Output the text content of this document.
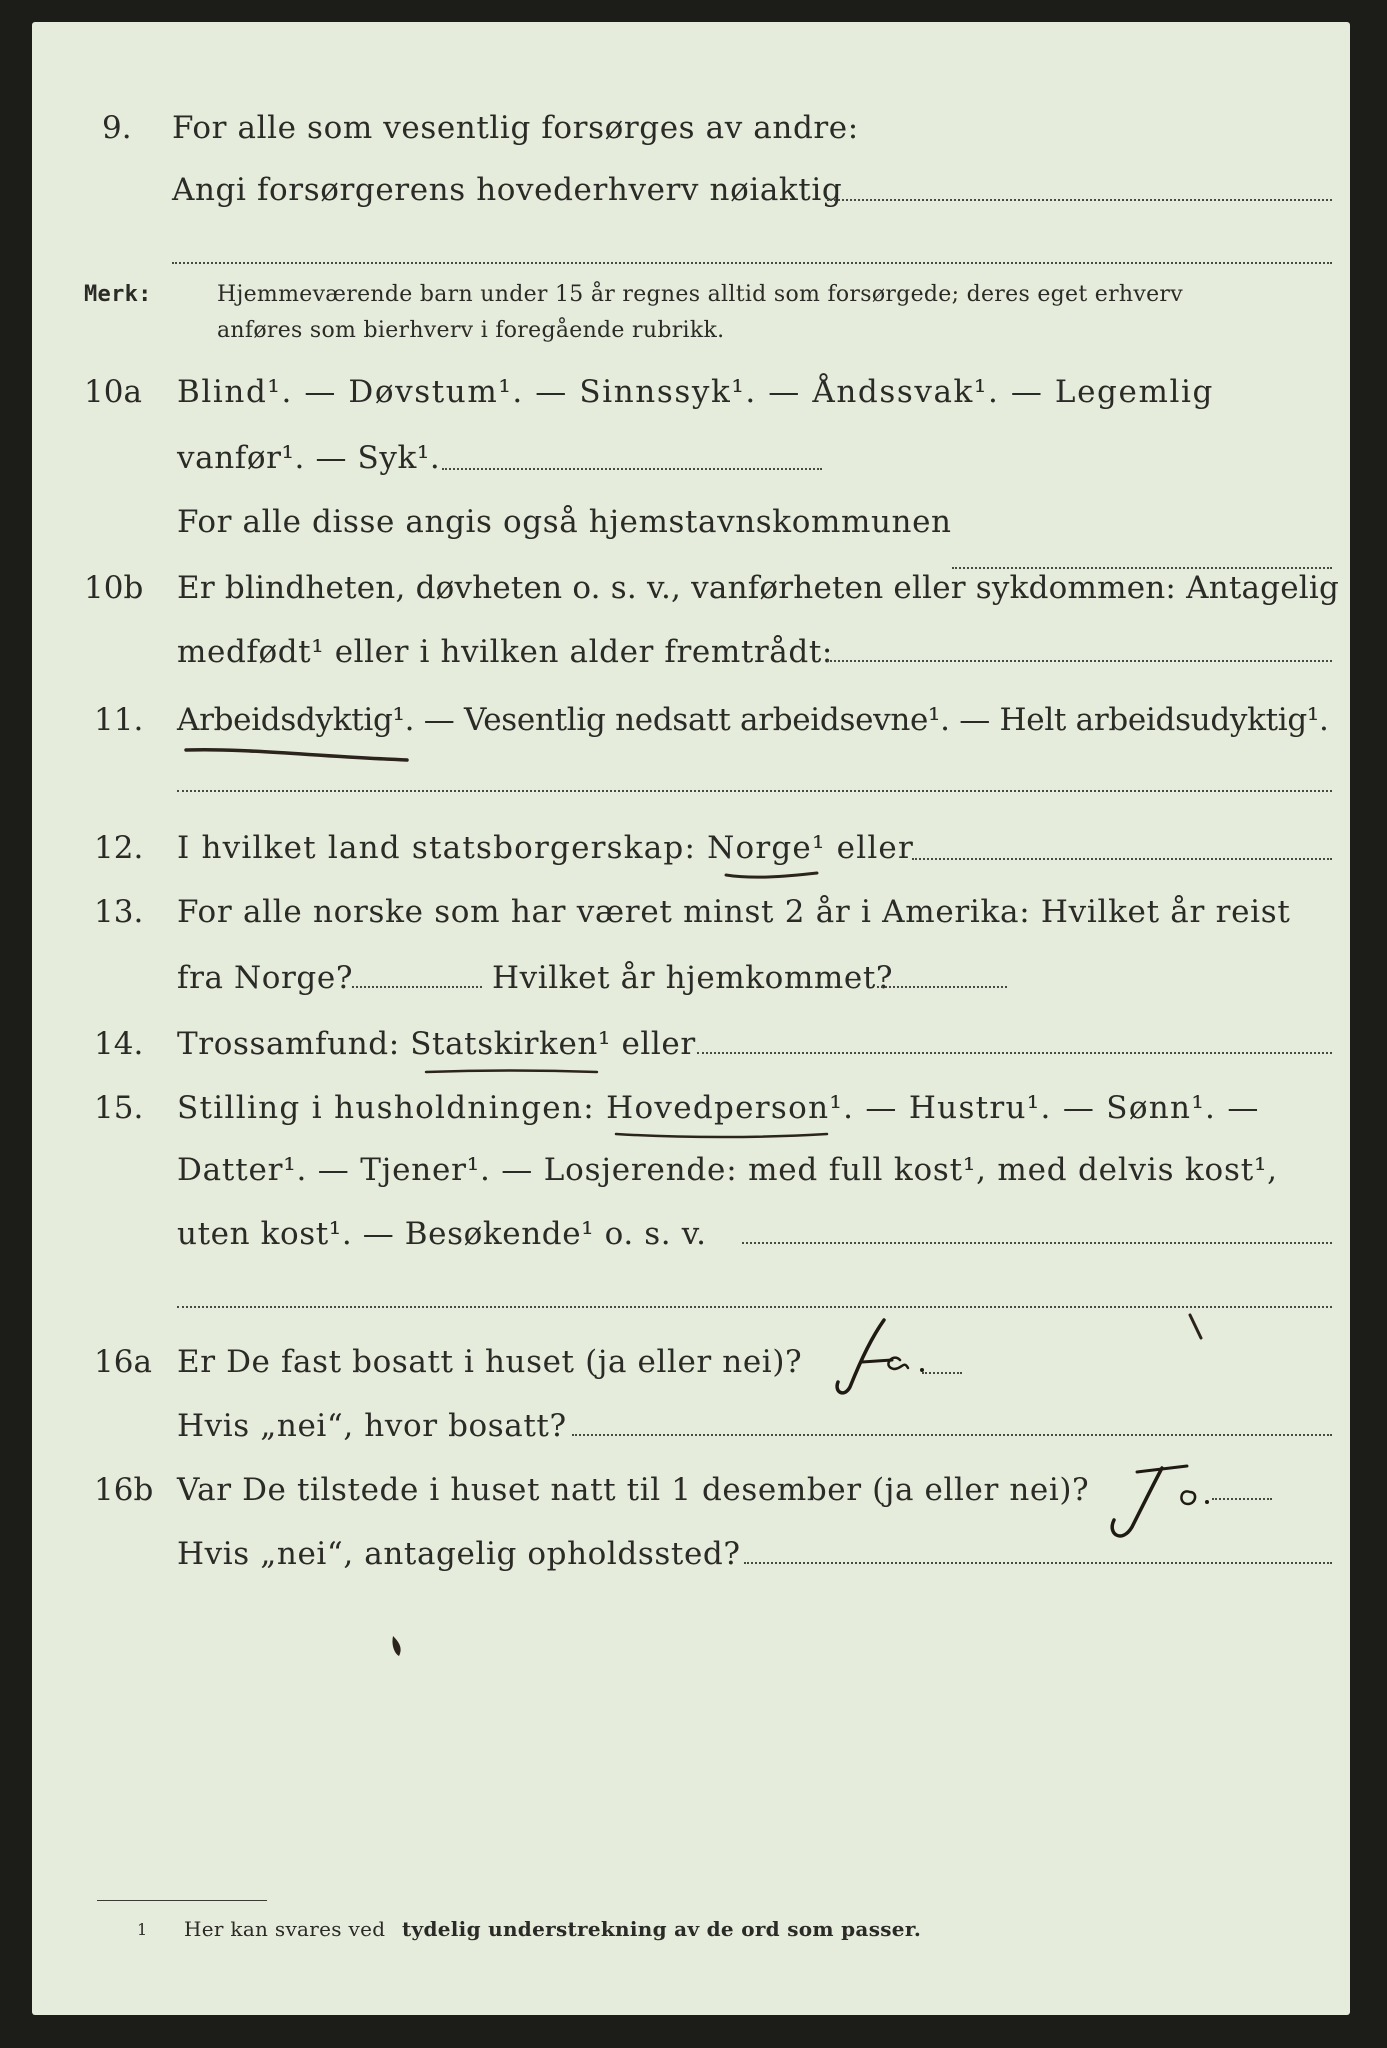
9. For alle som vesentlig forsørges av andre:
Angi forsørgerens hovederhverv nøiaktig
Merk:	Hjemmeværende barn under 15 år regnes alltid som forsørgede; deres eget erhverv
anføres som bierhverv i foregående rubrikk.
10a Blind¹. — Døvstum¹. — Sinnssyk¹. — Åndssvak¹. — Legemlig
vanfør¹. — Syk¹.
For alle disse angis også hjemstavnskommunen
10b Er blindheten, døvheten o. s. v., vanførheten eller sykdommen: Antagelig
medfødt¹ eller i hvilken alder fremtrådt:
11. Arbeidsdyktig¹. — Vesentlig nedsatt arbeidsevne¹. — Helt arbeidsudyktig¹.
12. I hvilket land statsborgerskap: Norge¹ eller
13. For alle norske som har været minst 2 år i Amerika: Hvilket år reist
fra Norge?	Hvilket år hjemkommet?
14. Trossamfund: Statskirken¹ eller
15. Stilling i husholdningen: Hovedperson¹. — Hustru¹. — Sønn¹. —
Datter¹. — Tjener¹. — Losjerende: med full kost¹, med delvis kost¹,
uten kost¹. — Besøkende¹ o. s. v.
16a Er De fast bosatt i huset (ja eller nei)?
Hvis „nei“, hvor bosatt?
16b Var De tilstede i huset natt til 1 desember (ja eller nei)?
Hvis „nei“, antagelig opholdssted?
1 Her kan svares ved tydelig understrekning av de ord som passer.
